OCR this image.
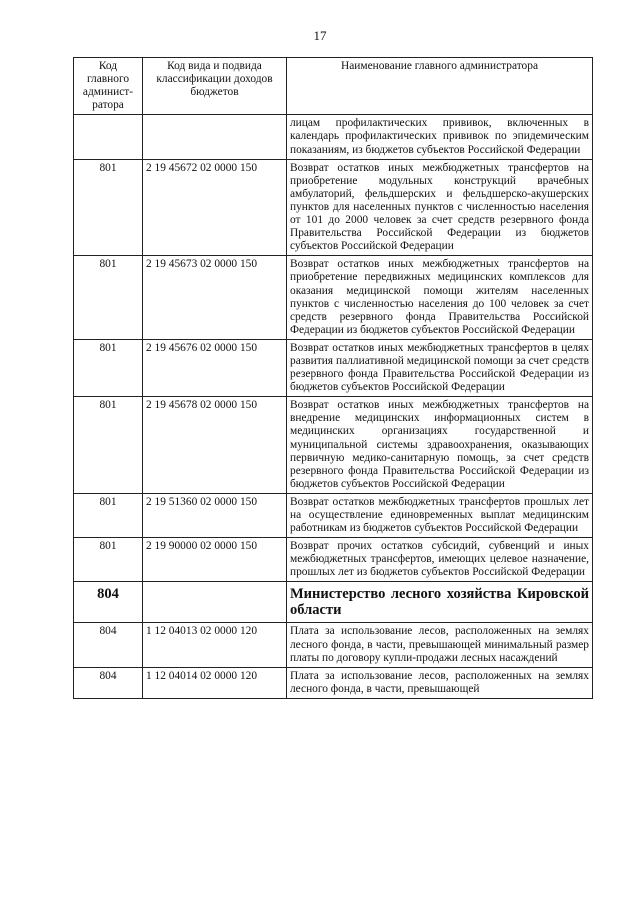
17
Код главного админист-ратора	Код вида и подвида классификации доходов бюджетов	Наименование главного администратора
		лицам профилактических прививок, включенных в календарь профилактических прививок по эпидемическим показаниям, из бюджетов субъектов Российской Федерации
801	2 19 45672 02 0000 150	Возврат остатков иных межбюджетных трансфертов на приобретение модульных конструкций врачебных амбулаторий, фельдшерских и фельдшерско-акушерских пунктов для населенных пунктов с численностью населения от 101 до 2000 человек за счет средств резервного фонда Правительства Российской Федерации из бюджетов субъектов Российской Федерации
801	2 19 45673 02 0000 150	Возврат остатков иных межбюджетных трансфертов на приобретение передвижных медицинских комплексов для оказания медицинской помощи жителям населенных пунктов с численностью населения до 100 человек за счет средств резервного фонда Правительства Российской Федерации из бюджетов субъектов Российской Федерации
801	2 19 45676 02 0000 150	Возврат остатков иных межбюджетных трансфертов в целях развития паллиативной медицинской помощи за счет средств резервного фонда Правительства Российской Федерации из бюджетов субъектов Российской Федерации
801	2 19 45678 02 0000 150	Возврат остатков иных межбюджетных трансфертов на внедрение медицинских информационных систем в медицинских организациях государственной и муниципальной системы здравоохранения, оказывающих первичную медико-санитарную помощь, за счет средств резервного фонда Правительства Российской Федерации из бюджетов субъектов Российской Федерации
801	2 19 51360 02 0000 150	Возврат остатков межбюджетных трансфертов прошлых лет на осуществление единовременных выплат медицинским работникам из бюджетов субъектов Российской Федерации
801	2 19 90000 02 0000 150	Возврат прочих остатков субсидий, субвенций и иных межбюджетных трансфертов, имеющих целевое назначение, прошлых лет из бюджетов субъектов Российской Федерации
804		Министерство лесного хозяйства Кировской области
804	1 12 04013 02 0000 120	Плата за использование лесов, расположенных на землях лесного фонда, в части, превышающей минимальный размер платы по договору купли-продажи лесных насаждений
804	1 12 04014 02 0000 120	Плата за использование лесов, расположенных на землях лесного фонда, в части, превышающей
